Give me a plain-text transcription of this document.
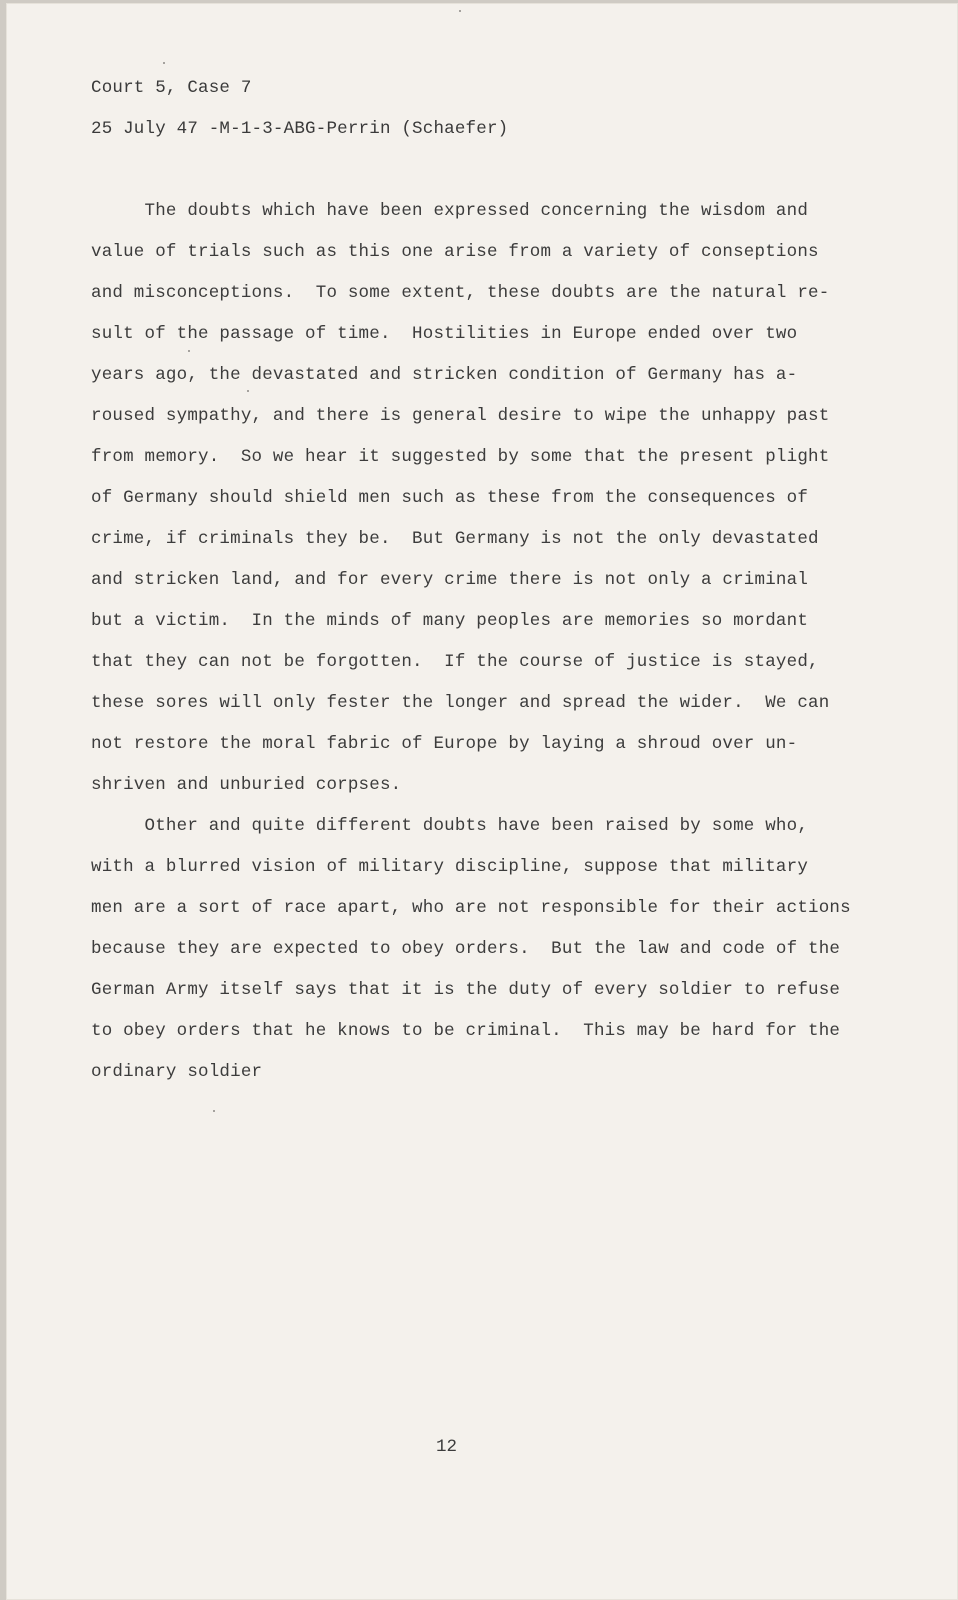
Court 5, Case 7
25 July 47 -M-1-3-ABG-Perrin (Schaefer)
The doubts which have been expressed concerning the wisdom and
value of trials such as this one arise from a variety of conseptions
and misconceptions.  To some extent, these doubts are the natural re-
sult of the passage of time.  Hostilities in Europe ended over two
years ago, the devastated and stricken condition of Germany has a-
roused sympathy, and there is general desire to wipe the unhappy past
from memory.  So we hear it suggested by some that the present plight
of Germany should shield men such as these from the consequences of
crime, if criminals they be.  But Germany is not the only devastated
and stricken land, and for every crime there is not only a criminal
but a victim.  In the minds of many peoples are memories so mordant
that they can not be forgotten.  If the course of justice is stayed,
these sores will only fester the longer and spread the wider.  We can
not restore the moral fabric of Europe by laying a shroud over un-
shriven and unburied corpses.
Other and quite different doubts have been raised by some who,
with a blurred vision of military discipline, suppose that military
men are a sort of race apart, who are not responsible for their actions
because they are expected to obey orders.  But the law and code of the
German Army itself says that it is the duty of every soldier to refuse
to obey orders that he knows to be criminal.  This may be hard for the
ordinary soldier
12
